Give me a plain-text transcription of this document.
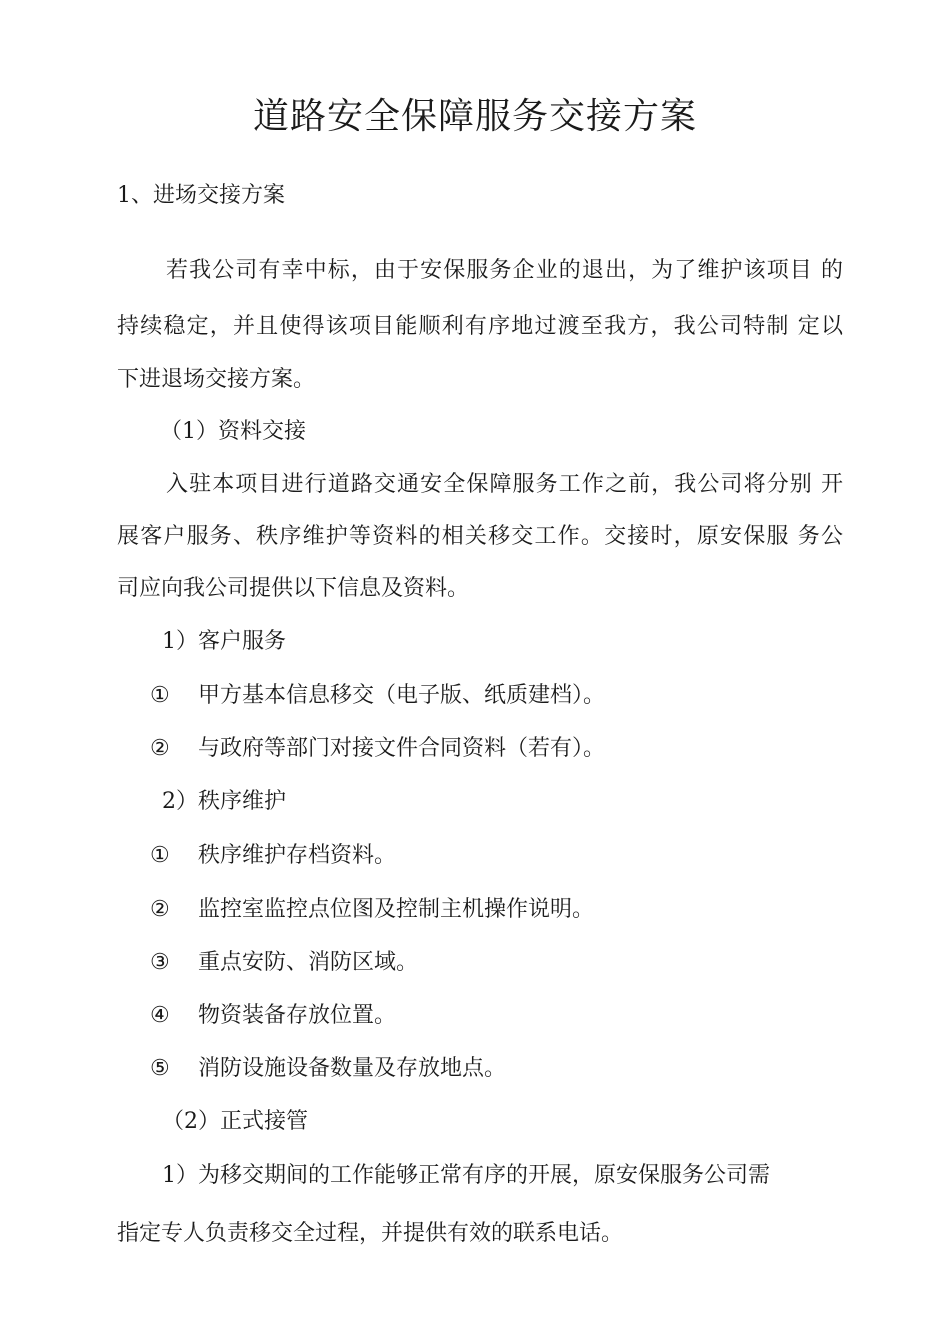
道路安全保障服务交接方案
1、进场交接方案
若我公司有幸中标，由于安保服务企业的退出，为了维护该项目 的
持续稳定，并且使得该项目能顺利有序地过渡至我方，我公司特制 定以
下进退场交接方案。
（1）资料交接
入驻本项目进行道路交通安全保障服务工作之前，我公司将分别 开
展客户服务、秩序维护等资料的相关移交工作。交接时，原安保服 务公
司应向我公司提供以下信息及资料。
1）客户服务
① 甲方基本信息移交（电子版、纸质建档）。
② 与政府等部门对接文件合同资料（若有）。
2）秩序维护
① 秩序维护存档资料。
② 监控室监控点位图及控制主机操作说明。
③ 重点安防、消防区域。
④ 物资装备存放位置。
⑤ 消防设施设备数量及存放地点。
（2）正式接管
1）为移交期间的工作能够正常有序的开展，原安保服务公司需
指定专人负责移交全过程，并提供有效的联系电话。
